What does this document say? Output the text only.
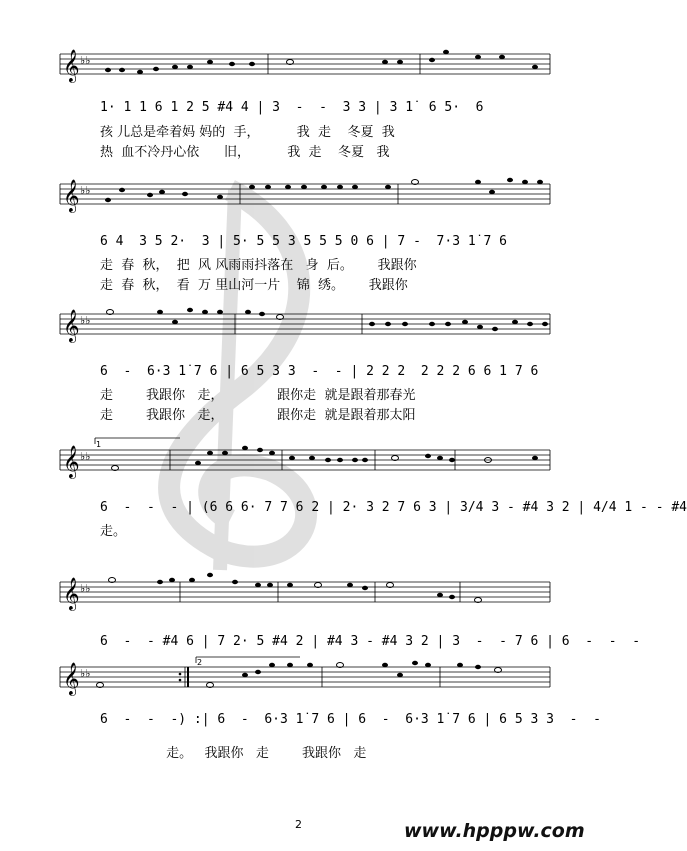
𝄞 ♭♭
1· 1 1 6 1 2 5 #4 4 | 3  -  -  3 3 | 3 1̇  6 5·  6
孩 儿总是牵着妈 妈的  手，         我  走    冬夏  我
热  血不冷丹心依      旧，         我  走    冬夏   我
𝄞 ♭♭
6 4  3 5 2·  3 | 5· 5 5 3 5 5 5 0 6 | 7 -  7·3 1̇ 7 6
走  春  秋，  把  风 风雨雨抖落在   身  后。      我跟你
走  春  秋，  看  万 里山河一片    锦  绣。      我跟你
𝄞 ♭♭
6  -  6·3 1̇ 7 6 | 6 5 3 3  -  - | 2 2 2  2 2 2 6 6 1 7 6
走        我跟你   走，             跟你走  就是跟着那春光
走        我跟你   走，             跟你走  就是跟着那太阳
𝄞 ♭♭
1
6  -  -  - | (6 6 6· 7 7 6 2 | 2· 3 2 7 6 3 | 3/4 3 - #4 3 2 | 4/4 1 - - #4
走。
𝄞 ♭♭
6  -  - #4 6 | 7 2· 5 #4 2 | #4 3 - #4 3 2 | 3  -  - 7 6 | 6  -  -  -
𝄞 ♭♭
2
6  -  -  -) :| 6  -  6·3 1̇ 7 6 | 6  -  6·3 1̇ 7 6 | 6 5 3 3  -  -
走。   我跟你   走        我跟你   走
2	www.hpppw.com
